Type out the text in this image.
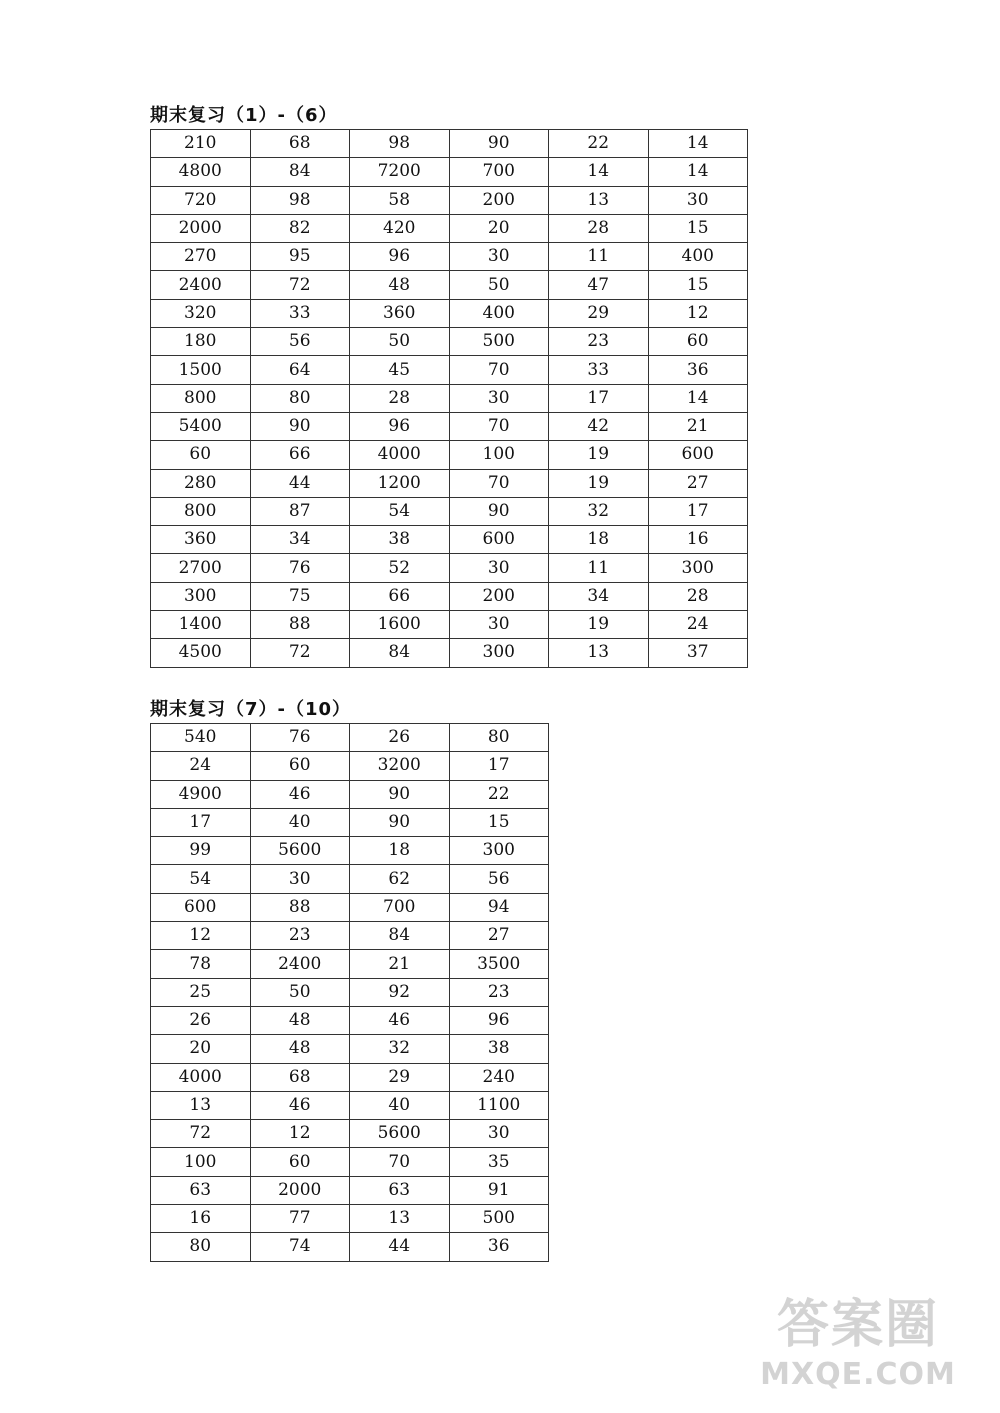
期末复习（1）-（6）
210	68	98	90	22	14
4800	84	7200	700	14	14
720	98	58	200	13	30
2000	82	420	20	28	15
270	95	96	30	11	400
2400	72	48	50	47	15
320	33	360	400	29	12
180	56	50	500	23	60
1500	64	45	70	33	36
800	80	28	30	17	14
5400	90	96	70	42	21
60	66	4000	100	19	600
280	44	1200	70	19	27
800	87	54	90	32	17
360	34	38	600	18	16
2700	76	52	30	11	300
300	75	66	200	34	28
1400	88	1600	30	19	24
4500	72	84	300	13	37
期末复习（7）-（10）
540	76	26	80
24	60	3200	17
4900	46	90	22
17	40	90	15
99	5600	18	300
54	30	62	56
600	88	700	94
12	23	84	27
78	2400	21	3500
25	50	92	23
26	48	46	96
20	48	32	38
4000	68	29	240
13	46	40	1100
72	12	5600	30
100	60	70	35
63	2000	63	91
16	77	13	500
80	74	44	36
答案圈
MXQE.COM
